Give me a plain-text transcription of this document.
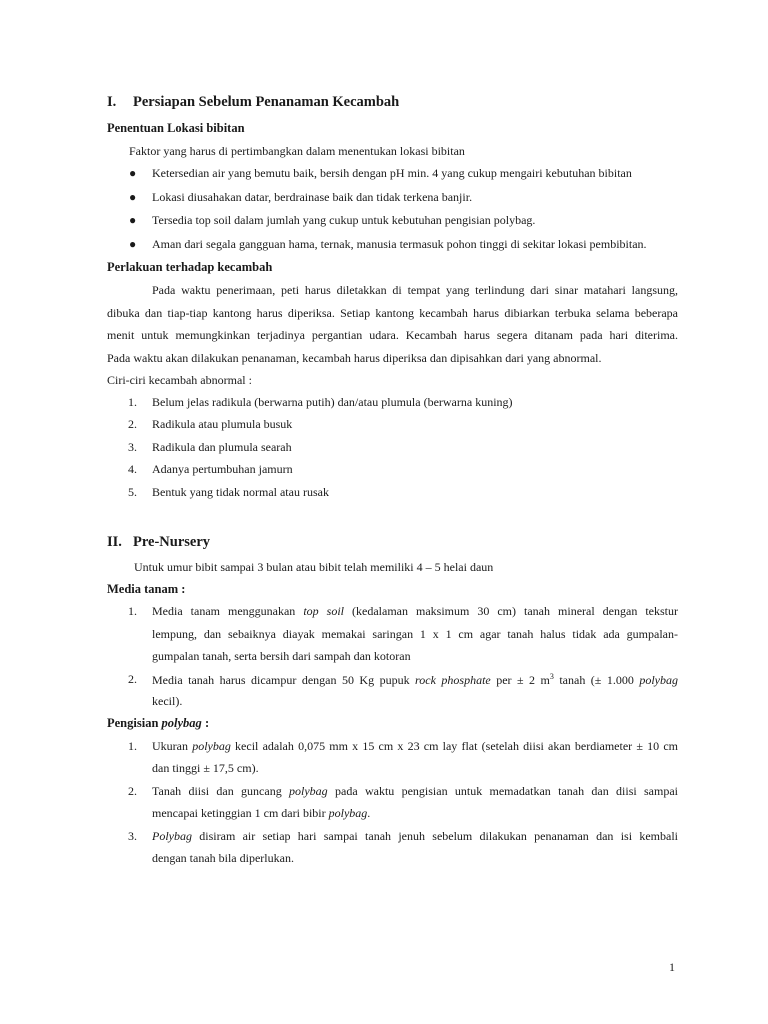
I. Persiapan Sebelum Penanaman Kecambah
Penentuan Lokasi bibitan
Faktor yang harus di pertimbangkan dalam menentukan lokasi bibitan
● Ketersedian air yang bemutu baik, bersih dengan pH min. 4 yang cukup mengairi kebutuhan bibitan
● Lokasi diusahakan datar, berdrainase baik dan tidak terkena banjir.
● Tersedia top soil dalam jumlah yang cukup untuk kebutuhan pengisian polybag.
● Aman dari segala gangguan hama, ternak, manusia termasuk pohon tinggi di sekitar lokasi pembibitan.
Perlakuan terhadap kecambah
Pada waktu penerimaan, peti harus diletakkan di tempat yang terlindung dari sinar matahari langsung,
dibuka dan tiap-tiap kantong harus diperiksa. Setiap kantong kecambah harus dibiarkan terbuka selama beberapa
menit untuk memungkinkan terjadinya pergantian udara. Kecambah harus segera ditanam pada hari diterima.
Pada waktu akan dilakukan penanaman, kecambah harus diperiksa dan dipisahkan dari yang abnormal.
Ciri-ciri kecambah abnormal :
1. Belum jelas radikula (berwarna putih) dan/atau plumula (berwarna kuning)
2. Radikula atau plumula busuk
3. Radikula dan plumula searah
4. Adanya pertumbuhan jamurn
5. Bentuk yang tidak normal atau rusak
II. Pre-Nursery
Untuk umur bibit sampai 3 bulan atau bibit telah memiliki 4 – 5 helai daun
Media tanam :
1. Media tanam menggunakan top soil (kedalaman maksimum 30 cm) tanah mineral dengan tekstur
lempung, dan sebaiknya diayak memakai saringan 1 x 1 cm agar tanah halus tidak ada gumpalan-
gumpalan tanah, serta bersih dari sampah dan kotoran
2. Media tanah harus dicampur dengan 50 Kg pupuk rock phosphate per ± 2 $m^3$ tanah (± 1.000 polybag
kecil).
Pengisian polybag :
1. Ukuran polybag kecil adalah 0,075 mm x 15 cm x 23 cm lay flat (setelah diisi akan berdiameter ± 10 cm
dan tinggi ± 17,5 cm).
2. Tanah diisi dan guncang polybag pada waktu pengisian untuk memadatkan tanah dan diisi sampai
mencapai ketinggian 1 cm dari bibir polybag.
3. Polybag disiram air setiap hari sampai tanah jenuh sebelum dilakukan penanaman dan isi kembali
dengan tanah bila diperlukan.
1
